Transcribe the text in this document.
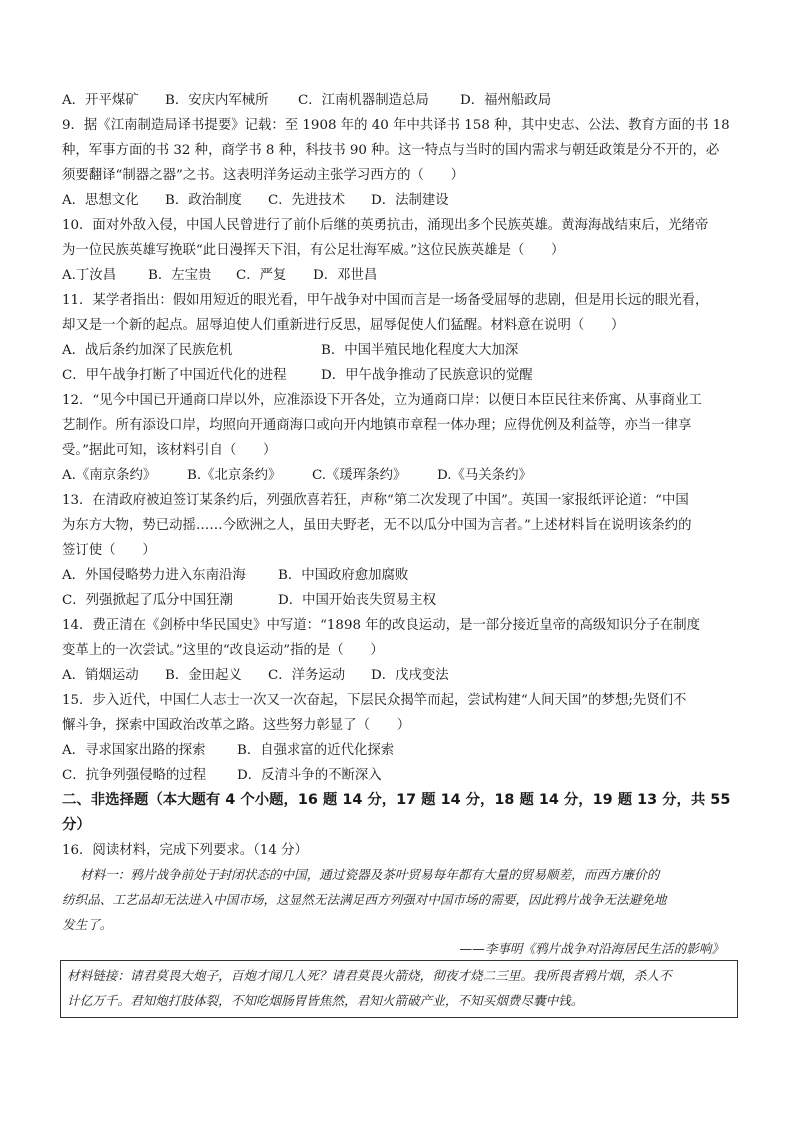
A．开平煤矿 B．安庆内军械所 C．江南机器制造总局 D．福州船政局
9．据《江南制造局译书提要》记载：至 1908 年的 40 年中共译书 158 种，其中史志、公法、教育方面的书 18
种，军事方面的书 32 种，商学书 8 种，科技书 90 种。这一特点与当时的国内需求与朝廷政策是分不开的，必
须要翻译“制器之器”之书。这表明洋务运动主张学习西方的（　　）
A．思想文化 B．政治制度 C．先进技术 D．法制建设
10．面对外敌入侵，中国人民曾进行了前仆后继的英勇抗击，涌现出多个民族英雄。黄海海战结束后，光绪帝
为一位民族英雄写挽联“此日漫挥天下泪，有公足壮海军威。”这位民族英雄是（　　）
A.丁汝昌 B．左宝贵 C．严复 D．邓世昌
11．某学者指出：假如用短近的眼光看，甲午战争对中国而言是一场备受屈辱的悲剧，但是用长远的眼光看，
却又是一个新的起点。屈辱迫使人们重新进行反思，屈辱促使人们猛醒。材料意在说明（　　）
A．战后条约加深了民族危机	B．中国半殖民地化程度大大加深
C．甲午战争打断了中国近代化的进程	D．甲午战争推动了民族意识的觉醒
12．“见今中国已开通商口岸以外，应准添设下开各处，立为通商口岸：以便日本臣民往来侨寓、从事商业工
艺制作。所有添设口岸，均照向开通商海口或向开内地镇市章程一体办理；应得优例及利益等，亦当一律享
受。”据此可知，该材料引自（　　）
A.《南京条约》 B.《北京条约》 C.《瑗珲条约》 D.《马关条约》
13．在清政府被迫签订某条约后，列强欣喜若狂，声称“第二次发现了中国”。英国一家报纸评论道：“中国
为东方大物，势已动摇……今欧洲之人，虽田夫野老，无不以瓜分中国为言者。”上述材料旨在说明该条约的
签订使（　　）
A．外国侵略势力进入东南沿海 B．中国政府愈加腐败
C．列强掀起了瓜分中国狂潮	D．中国开始丧失贸易主权
14．费正清在《剑桥中华民国史》中写道：“1898 年的改良运动，是一部分接近皇帝的高级知识分子在制度
变革上的一次尝试。”这里的“改良运动”指的是（　　）
A．销烟运动 B．金田起义 C．洋务运动 D．戊戌变法
15．步入近代，中国仁人志士一次又一次奋起，下层民众揭竿而起，尝试构建“人间天国”的梦想;先贤们不
懈斗争，探索中国政治改革之路。这些努力彰显了（　　）
A．寻求国家出路的探索 B．自强求富的近代化探索
C．抗争列强侵略的过程 D．反清斗争的不断深入
二、非选择题（本大题有 4 个小题，16 题 14 分，17 题 14 分，18 题 14 分，19 题 13 分，共 55
分）
16．阅读材料，完成下列要求。（14 分）
材料一：鸦片战争前处于封闭状态的中国，通过瓷器及茶叶贸易每年都有大量的贸易顺差，而西方廉价的
纺织品、工艺品却无法进入中国市场，这显然无法满足西方列强对中国市场的需要，因此鸦片战争无法避免地
发生了。
——李事明《鸦片战争对沿海居民生活的影响》
材料链接：请君莫畏大炮子，百炮才闻几人死？请君莫畏火箭烧，彻夜才烧二三里。我所畏者鸦片烟，杀人不
计亿万千。君知炮打肢体裂，不知吃烟肠胃皆焦然，君知火箭破产业，不知买烟费尽囊中钱。
